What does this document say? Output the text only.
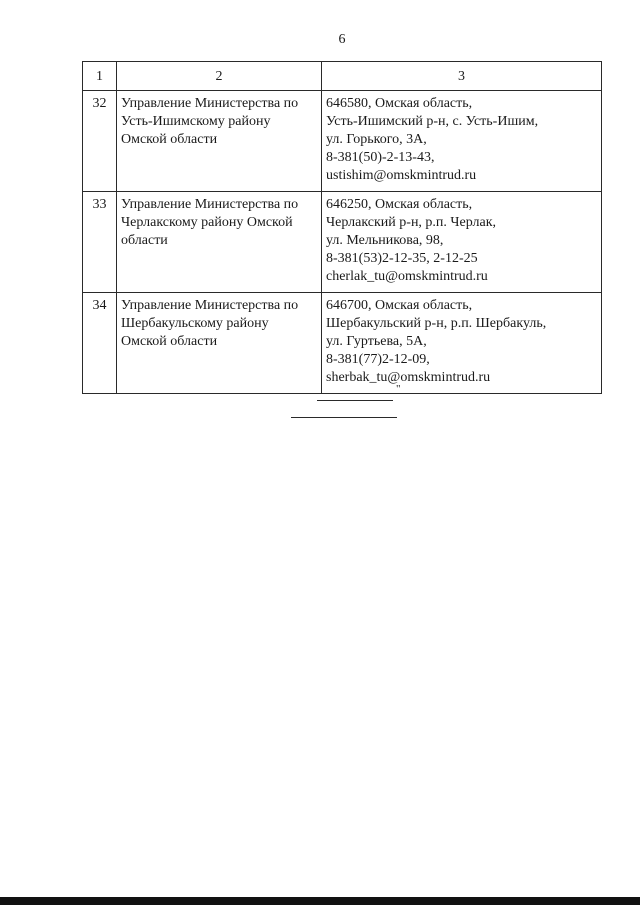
6
1	2	3
32	Управление Министерства по
Усть-Ишимскому району
Омской области	646580, Омская область,
Усть-Ишимский р-н, с. Усть-Ишим,
ул. Горького, 3А,
8-381(50)-2-13-43,
ustishim@omskmintrud.ru

33	Управление Министерства по
Черлакскому району Омской
области	646250, Омская область,
Черлакский р-н, р.п. Черлак,
ул. Мельникова, 98,
8-381(53)2-12-35, 2-12-25
cherlak_tu@omskmintrud.ru

34	Управление Министерства по
Шербакульскому району
Омской области	646700, Омская область,
Шербакульский р-н, р.п. Шербакуль,
ул. Гуртьева, 5А,
8-381(77)2-12-09,
sherbak_tu@omskmintrud.ru
"
